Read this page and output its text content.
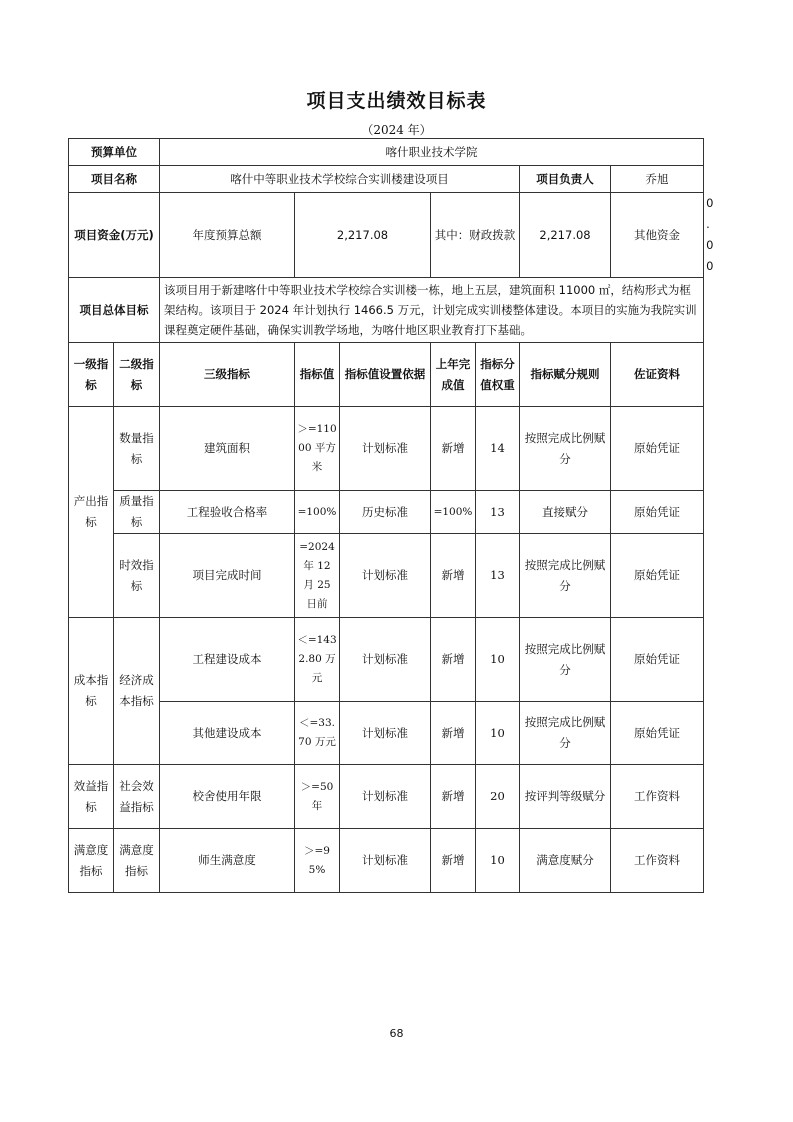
项目支出绩效目标表
（2024 年）
预算单位		喀什职业技术学院							
项目名称		喀什中等职业技术学校综合实训楼建设项目					项目负责人	乔旭	
项目资金(万元)		年度预算总额	2,217.08		其中：财政拨款		2,217.08	其他资金	0.00
项目总体目标		该项目用于新建喀什中等职业技术学校综合实训楼一栋，地上五层，建筑面积 11000 ㎡，结构形式为框架结构。该项目于 2024 年计划执行 1466.5 万元，计划完成实训楼整体建设。本项目的实施为我院实训课程奠定硬件基础，确保实训教学场地，为喀什地区职业教育打下基础。							
一级指标	二级指标	三级指标	指标值	指标值设置依据	上年完成值	指标分值权重	指标赋分规则	佐证资料	
产出指标	数量指标	建筑面积	＞=11000 平方米	计划标准	新增	14	按照完成比例赋分	原始凭证	
	质量指标	工程验收合格率	=100%	历史标准	=100%	13	直接赋分	原始凭证	
	时效指标	项目完成时间	=2024 年 12 月 25 日前	计划标准	新增	13	按照完成比例赋分	原始凭证	
成本指标	经济成本指标	工程建设成本	＜=1432.80 万元	计划标准	新增	10	按照完成比例赋分	原始凭证	
		其他建设成本	＜=33.70 万元	计划标准	新增	10	按照完成比例赋分	原始凭证	
效益指标	社会效益指标	校舍使用年限	＞=50 年	计划标准	新增	20	按评判等级赋分	工作资料	
满意度指标	满意度指标	师生满意度	＞=95%	计划标准	新增	10	满意度赋分	工作资料	
68
